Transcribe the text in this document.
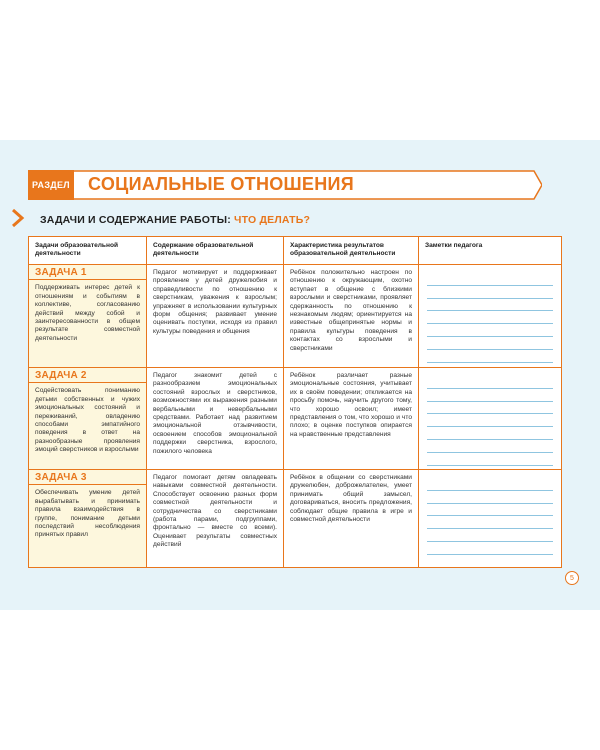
РАЗДЕЛ СОЦИАЛЬНЫЕ ОТНОШЕНИЯ
ЗАДАЧИ И СОДЕРЖАНИЕ РАБОТЫ: ЧТО ДЕЛАТЬ?
Задачи образовательной деятельности
Содержание образовательной деятельности
Характеристика результатов образовательной деятельности
Заметки педагога
ЗАДАЧА 1
Поддерживать интерес детей к отношениям и событиям в коллективе, согласованию действий между собой и заинтересованности в общем результате совместной деятельности
Педагог мотивирует и поддерживает проявление у детей дружелюбия и справедливости по отношению к сверстникам, уважения к взрослым; упражняет в использовании культурных форм общения; развивает умение оценивать поступки, исходя из правил культуры поведения и общения
Ребёнок положительно настроен по отношению к окружающим, охотно вступает в общение с близкими взрослыми и сверстниками, проявляет сдержанность по отношению к незнакомым людям; ориентируется на известные общепринятые нормы и правила культуры поведения в контактах со взрослыми и сверстниками
ЗАДАЧА 2
Содействовать пониманию детьми собственных и чужих эмоциональных состояний и переживаний, овладению способами эмпатийного поведения в ответ на разнообразные проявления эмоций сверстников и взрослыми
Педагог знакомит детей с разнообразием эмоциональных состояний взрослых и сверстников, возможностями их выражения разными вербальными и невербальными средствами. Работает над развитием эмоциональной отзывчивости, освоением способов эмоциональной поддержки сверстника, взрослого, пожилого человека
Ребёнок различает разные эмоциональные состояния, учитывает их в своём поведении; откликается на просьбу помочь, научить другого тому, что хорошо освоил; имеет представления о том, что хорошо и что плохо; в оценке поступков опирается на нравственные представления
ЗАДАЧА 3
Обеспечивать умение детей вырабатывать и принимать правила взаимодействия в группе, понимание детьми последствий несоблюдения принятых правил
Педагог помогает детям овладевать навыками совместной деятельности. Способствует освоению разных форм совместной деятельности и сотрудничества со сверстниками (работа парами, подгруппами, фронтально — вместе со всеми). Оценивает результаты совместных действий
Ребёнок в общении со сверстниками дружелюбен, доброжелателен, умеет принимать общий замысел, договариваться, вносить предложения, соблюдает общие правила в игре и совместной деятельности
5
